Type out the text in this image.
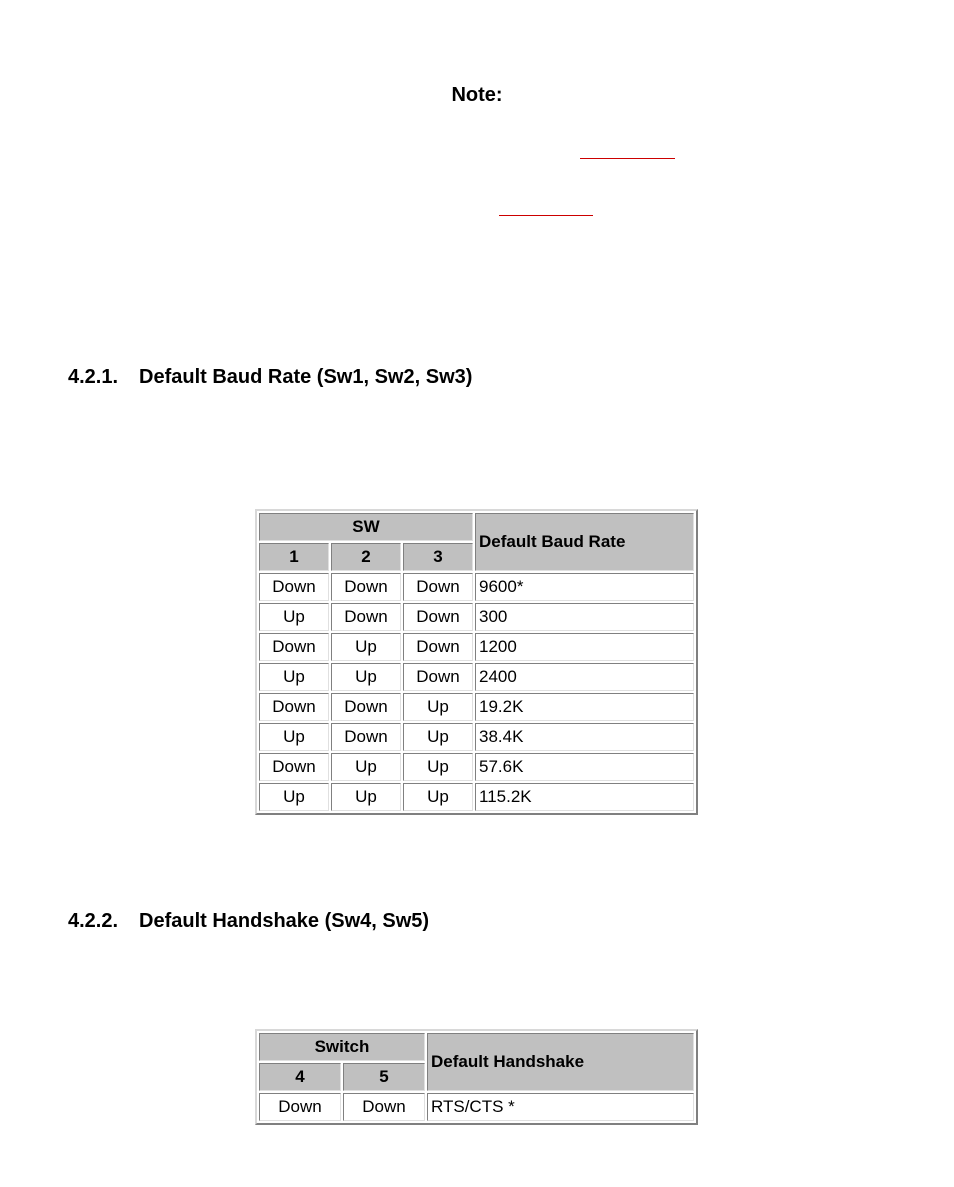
Note:
4.2.1. Default Baud Rate (Sw1, Sw2, Sw3)
SW			Default Baud Rate
1	2	3	
Down	Down	Down	9600*
Up	Down	Down	300
Down	Up	Down	1200
Up	Up	Down	2400
Down	Down	Up	19.2K
Up	Down	Up	38.4K
Down	Up	Up	57.6K
Up	Up	Up	115.2K
4.2.2. Default Handshake (Sw4, Sw5)
Switch		Default Handshake
4	5	
Down	Down	RTS/CTS *
